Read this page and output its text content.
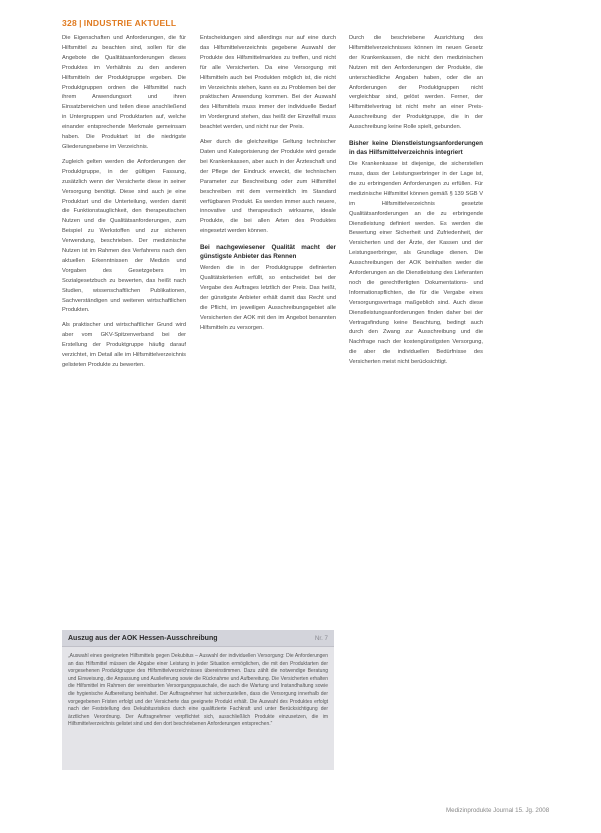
328 | INDUSTRIE AKTUELL

Die Eigenschaften und Anforderungen, die für Hilfsmittel zu beachten sind, sollen für die Angebote die Qualitätsanforderungen dieses Produktes im Verhältnis zu den anderen Hilfsmitteln der Produktgruppe ergeben. Die Produktgruppen ordnen die Hilfsmittel nach ihrem Anwendungsort und ihren Einsatzbereichen und teilen diese anschließend in Untergruppen und Produktarten auf, welche einander entsprechende Merkmale gemeinsam haben. Die Produktart ist die niedrigste Gliederungsebene im Verzeichnis.

Zugleich gelten werden die Anforderungen der Produktgruppe, in der gültigen Fassung, zusätzlich wenn der Versicherte diese in seiner Versorgung benötigt. Diese sind auch je eine Produktart und die Unterteilung, werden damit die Funktionstauglichkeit, den therapeutischen Nutzen und die Qualitätsanforderungen, zum Beispiel zu Werkstoffen und zur sicheren Verwendung, beschrieben. Der medizinische Nutzen ist im Rahmen des Verfahrens nach den aktuellen Erkenntnissen der Medizin und Vorgaben des Gesetzgebers im Sozialgesetzbuch zu bewerten, das heißt nach Studien, wissenschaftlichen Publikationen, Sachverständigen und weiteren wirtschaftlichen Produkten.

Als praktischer und wirtschaftlicher Grund wird aber vom GKV-Spitzenverband bei der Erstellung der Produktgruppe häufig darauf verzichtet, im Detail alle im Hilfsmittelverzeichnis gelisteten Produkte zu bewerten.

Entscheidungen sind allerdings nur auf eine durch das Hilfsmittelverzeichnis gegebene Auswahl der Produkte des Hilfsmittelmarktes zu treffen, und nicht für alle Versicherten. Da eine Versorgung mit Hilfsmitteln auch bei Produkten möglich ist, die nicht im Verzeichnis stehen, kann es zu Problemen bei der praktischen Anwendung kommen. Bei der Auswahl des Hilfsmittels muss immer der individuelle Bedarf im Vordergrund stehen, das heißt der Einzelfall muss beachtet werden, und nicht nur der Preis.

Aber durch die gleichzeitige Geltung technischer Daten und Kategorisierung der Produkte wird gerade bei Krankenkassen, aber auch in der Ärzteschaft und der Pflege der Eindruck erweckt, die technischen Parameter zur Beschreibung oder zum Hilfsmittel beschreiben mit dem vermeintlich im Standard verfügbaren Produkt. Es werden immer auch neuere, innovative und therapeutisch wirksame, ideale Produkte, die bei allen Arten des Produktes eingesetzt werden können.

Bei nachgewiesener Qualität macht der günstigste Anbieter das Rennen

Werden die in der Produktgruppe definierten Qualitätskriterien erfüllt, so entscheidet bei der Vergabe des Auftrages letztlich der Preis. Das heißt, der günstigste Anbieter erhält damit das Recht und die Pflicht, im jeweiligen Ausschreibungsgebiet alle Versicherten der AOK mit den im Angebot benannten Hilfsmitteln zu versorgen.

Durch die beschriebene Ausrichtung des Hilfsmittelverzeichnisses können im neuen Gesetz der Krankenkassen, die nicht den medizinischen Nutzen mit den Anforderungen der Produkte, die unterschiedliche Angaben haben, oder die an Anforderungen der Produktgruppen nicht vergleichbar sind, gelöst werden. Ferner, der Hilfsmittelvertrag ist nicht mehr an einer Preis-Ausschreibung der Produktgruppe, die in der Ausschreibung keine Rolle spielt, gebunden.

Bisher keine Dienstleistungsanforderungen in das Hilfsmittelverzeichnis integriert

Die Krankenkasse ist diejenige, die sicherstellen muss, dass der Leistungserbringer in der Lage ist, die zu erbringenden Anforderungen zu erfüllen. Für medizinische Hilfsmittel können gemäß § 139 SGB V im Hilfsmittelverzeichnis gesetzte Qualitätsanforderungen an die zu erbringende Dienstleistung definiert werden. Es werden die Bewertung einer Sicherheit und Zufriedenheit, der Versicherten und der Ärzte, der Kassen und der Leistungserbringer, als Grundlage dienen. Die Ausschreibungen der AOK beinhalten weder die Anforderungen an die Dienstleistung des Lieferanten noch die gerechtfertigten Dokumentations- und Informationspflichten, die für die Vergabe eines Versorgungsvertrags maßgeblich sind. Auch diese Dienstleistungsanforderungen finden daher bei der Vertragsfindung keine Beachtung, bedingt auch durch den Zwang zur Ausschreibung und die Nachfrage nach der kostengünstigsten Versorgung, die aber die individuellen Bedürfnisse des Versicherten meist nicht berücksichtigt.

Auszug aus der AOK Hessen-Ausschreibung	Nr. 7
„Auswahl eines geeigneten Hilfsmittels gegen Dekubitus – Auswahl der individuellen Versorgung: Die Anforderungen an das Hilfsmittel müssen die Abgabe einer Leistung in jeder Situation ermöglichen, die mit den Produktarten der vorgesehenen Produktgruppe des Hilfsmittelverzeichnisses übereinstimmen. Dazu zählt die notwendige Beratung und Einweisung, die Anpassung und Auslieferung sowie die Rücknahme und Aufbereitung. Die Versicherten erhalten die Hilfsmittel im Rahmen der vereinbarten Versorgungspauschale, die auch die Wartung und Instandhaltung sowie die hygienische Aufbereitung beinhaltet. Der Auftragnehmer hat sicherzustellen, dass die Versorgung innerhalb der vorgegebenen Fristen erfolgt und der Versicherte das geeignete Produkt erhält. Die Auswahl des Produktes erfolgt nach der Feststellung des Dekubitusrisikos durch eine qualifizierte Fachkraft und unter Berücksichtigung der ärztlichen Verordnung. Der Auftragnehmer verpflichtet sich, ausschließlich Produkte einzusetzen, die im Hilfsmittelverzeichnis gelistet sind und den dort beschriebenen Anforderungen entsprechen.“
Medizinprodukte Journal 15. Jg. 2008
